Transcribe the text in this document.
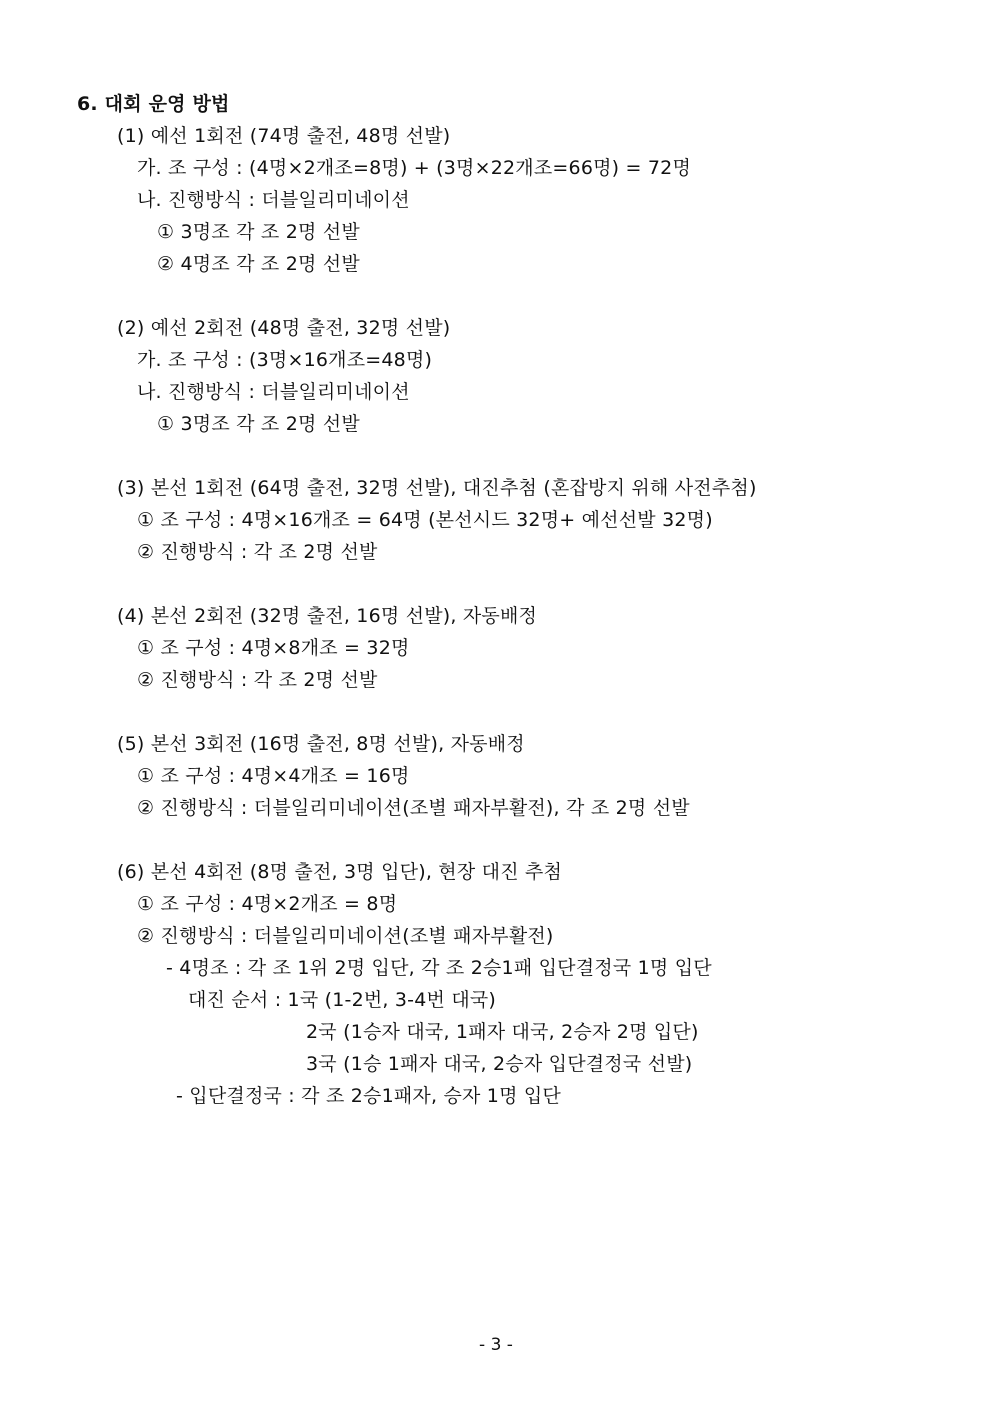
6. 대회 운영 방법
(1) 예선 1회전 (74명 출전, 48명 선발)
가. 조 구성 : (4명×2개조=8명) + (3명×22개조=66명) = 72명
나. 진행방식 : 더블일리미네이션
① 3명조 각 조 2명 선발
② 4명조 각 조 2명 선발
(2) 예선 2회전 (48명 출전, 32명 선발)
가. 조 구성 : (3명×16개조=48명)
나. 진행방식 : 더블일리미네이션
① 3명조 각 조 2명 선발
(3) 본선 1회전 (64명 출전, 32명 선발), 대진추첨 (혼잡방지 위해 사전추첨)
① 조 구성 : 4명×16개조 = 64명 (본선시드 32명+ 예선선발 32명)
② 진행방식 : 각 조 2명 선발
(4) 본선 2회전 (32명 출전, 16명 선발), 자동배정
① 조 구성 : 4명×8개조 = 32명
② 진행방식 : 각 조 2명 선발
(5) 본선 3회전 (16명 출전, 8명 선발), 자동배정
① 조 구성 : 4명×4개조 = 16명
② 진행방식 : 더블일리미네이션(조별 패자부활전), 각 조 2명 선발
(6) 본선 4회전 (8명 출전, 3명 입단), 현장 대진 추첨
① 조 구성 : 4명×2개조 = 8명
② 진행방식 : 더블일리미네이션(조별 패자부활전)
- 4명조 : 각 조 1위 2명 입단, 각 조 2승1패 입단결정국 1명 입단
대진 순서 : 1국 (1-2번, 3-4번 대국)
2국 (1승자 대국, 1패자 대국, 2승자 2명 입단)
3국 (1승 1패자 대국, 2승자 입단결정국 선발)
- 입단결정국 : 각 조 2승1패자, 승자 1명 입단
- 3 -
